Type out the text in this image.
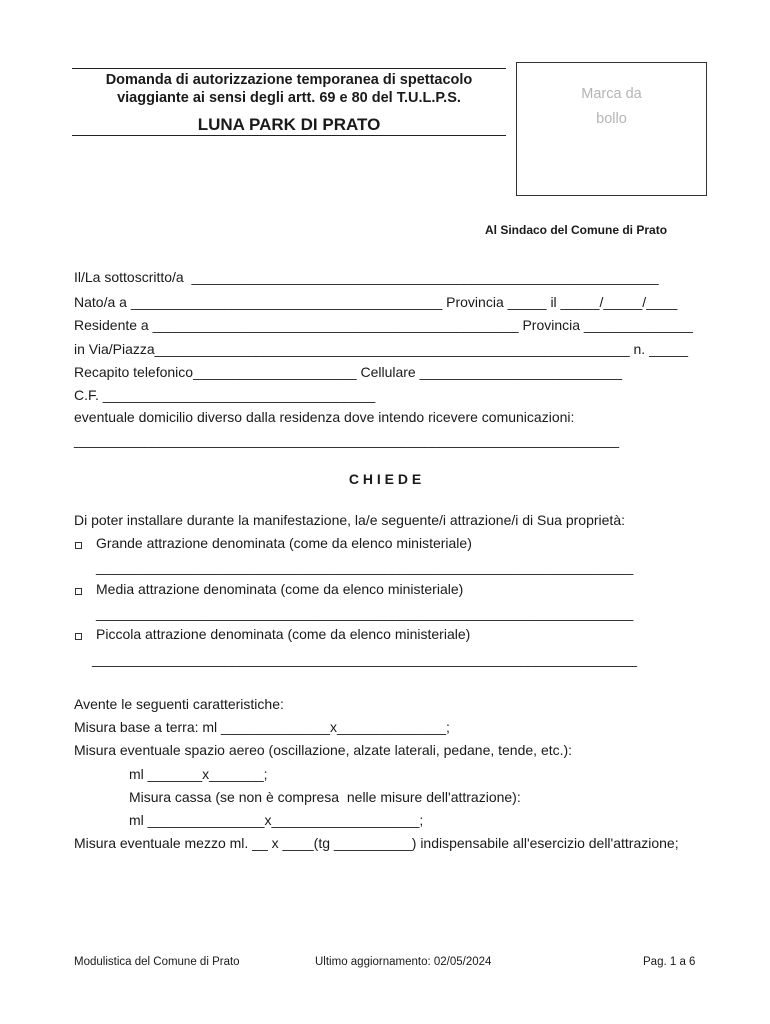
Domanda di autorizzazione temporanea di spettacolo
viaggiante ai sensi degli artt. 69 e 80 del T.U.L.P.S.
LUNA PARK DI PRATO
Marca da
bollo
Al Sindaco del Comune di Prato
Il/La sottoscritto/a  ____________________________________________________________
Nato/a a ________________________________________ Provincia _____ il _____/_____/____
Residente a _______________________________________________ Provincia ______________
in Via/Piazza_____________________________________________________________ n. _____
Recapito telefonico_____________________ Cellulare __________________________
C.F. ___________________________________
eventuale domicilio diverso dalla residenza dove intendo ricevere comunicazioni:
______________________________________________________________________
C H I E D E
Di poter installare durante la manifestazione, la/e seguente/i attrazione/i di Sua proprietà:
Grande attrazione denominata (come da elenco ministeriale)
_____________________________________________________________________
Media attrazione denominata (come da elenco ministeriale)
_____________________________________________________________________
Piccola attrazione denominata (come da elenco ministeriale)
______________________________________________________________________
Avente le seguenti caratteristiche:
Misura base a terra: ml ______________x______________;
Misura eventuale spazio aereo (oscillazione, alzate laterali, pedane, tende, etc.):
ml _______x_______;
Misura cassa (se non è compresa  nelle misure dell'attrazione):
ml _______________x___________________;
Misura eventuale mezzo ml. __ x ____(tg __________) indispensabile all'esercizio dell'attrazione;
Modulistica del Comune di Prato	Ultimo aggiornamento: 02/05/2024	Pag. 1 a 6
